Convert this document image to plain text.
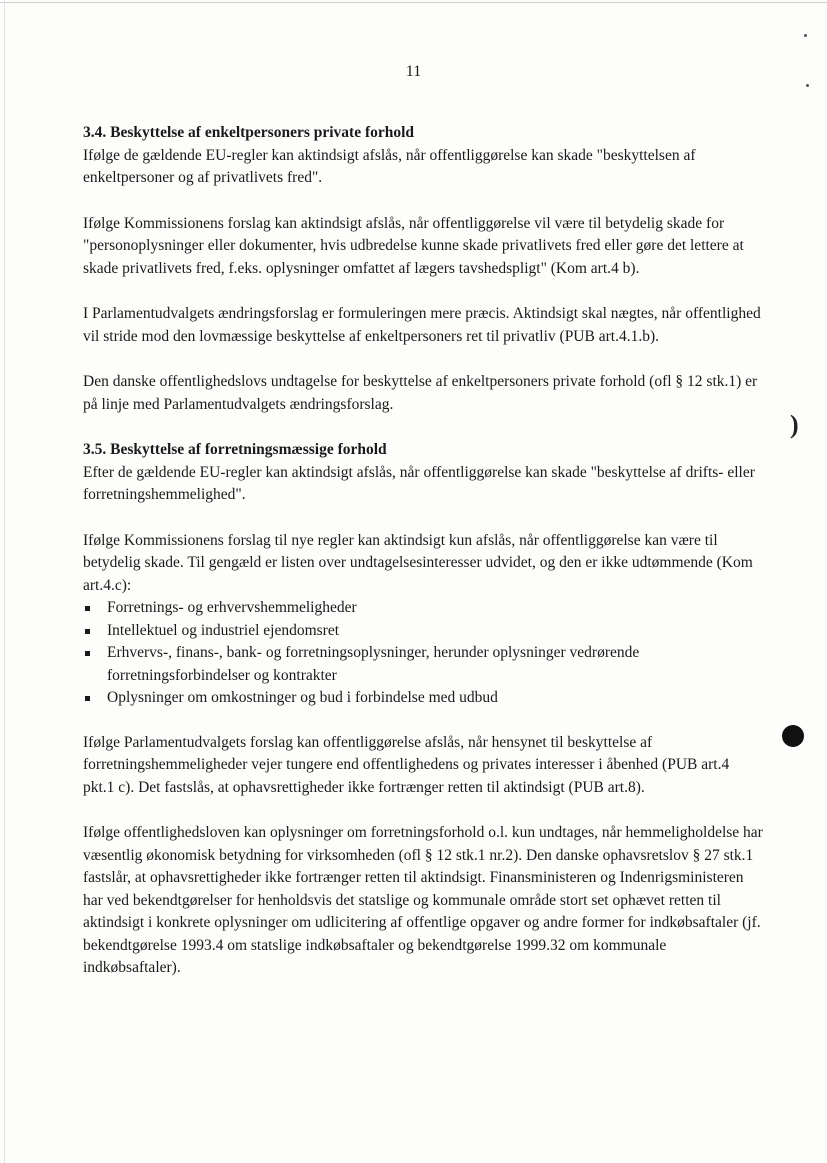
11
3.4. Beskyttelse af enkeltpersoners private forhold

Ifølge de gældende EU-regler kan aktindsigt afslås, når offentliggørelse kan skade "beskyttelsen af enkeltpersoner og af privatlivets fred".

Ifølge Kommissionens forslag kan aktindsigt afslås, når offentliggørelse vil være til betydelig skade for "personoplysninger eller dokumenter, hvis udbredelse kunne skade privatlivets fred eller gøre det lettere at skade privatlivets fred, f.eks. oplysninger omfattet af lægers tavshedspligt" (Kom art.4 b).

I Parlamentudvalgets ændringsforslag er formuleringen mere præcis. Aktindsigt skal nægtes, når offentlighed vil stride mod den lovmæssige beskyttelse af enkeltpersoners ret til privatliv (PUB art.4.1.b).

Den danske offentlighedslovs undtagelse for beskyttelse af enkeltpersoners private forhold (ofl § 12 stk.1) er på linje med Parlamentudvalgets ændringsforslag.

3.5. Beskyttelse af forretningsmæssige forhold

Efter de gældende EU-regler kan aktindsigt afslås, når offentliggørelse kan skade "beskyttelse af drifts- eller forretningshemmelighed".

Ifølge Kommissionens forslag til nye regler kan aktindsigt kun afslås, når offentliggørelse kan være til betydelig skade. Til gengæld er listen over undtagelsesinteresser udvidet, og den er ikke udtømmende (Kom art.4.c):

Forretnings- og erhvervshemmeligheder
Intellektuel og industriel ejendomsret
Erhvervs-, finans-, bank- og forretningsoplysninger, herunder oplysninger vedrørende forretningsforbindelser og kontrakter
Oplysninger om omkostninger og bud i forbindelse med udbud

Ifølge Parlamentudvalgets forslag kan offentliggørelse afslås, når hensynet til beskyttelse af forretningshemmeligheder vejer tungere end offentlighedens og privates interesser i åbenhed (PUB art.4 pkt.1 c). Det fastslås, at ophavsrettigheder ikke fortrænger retten til aktindsigt (PUB art.8).

Ifølge offentlighedsloven kan oplysninger om forretningsforhold o.l. kun undtages, når hemmeligholdelse har væsentlig økonomisk betydning for virksomheden (ofl § 12 stk.1 nr.2). Den danske ophavsretslov § 27 stk.1 fastslår, at ophavsrettigheder ikke fortrænger retten til aktindsigt. Finansministeren og Indenrigsministeren har ved bekendtgørelser for henholdsvis det statslige og kommunale område stort set ophævet retten til aktindsigt i konkrete oplysninger om udlicitering af offentlige opgaver og andre former for indkøbsaftaler (jf. bekendtgørelse 1993.4 om statslige indkøbsaftaler og bekendtgørelse 1999.32 om kommunale indkøbsaftaler).

)
